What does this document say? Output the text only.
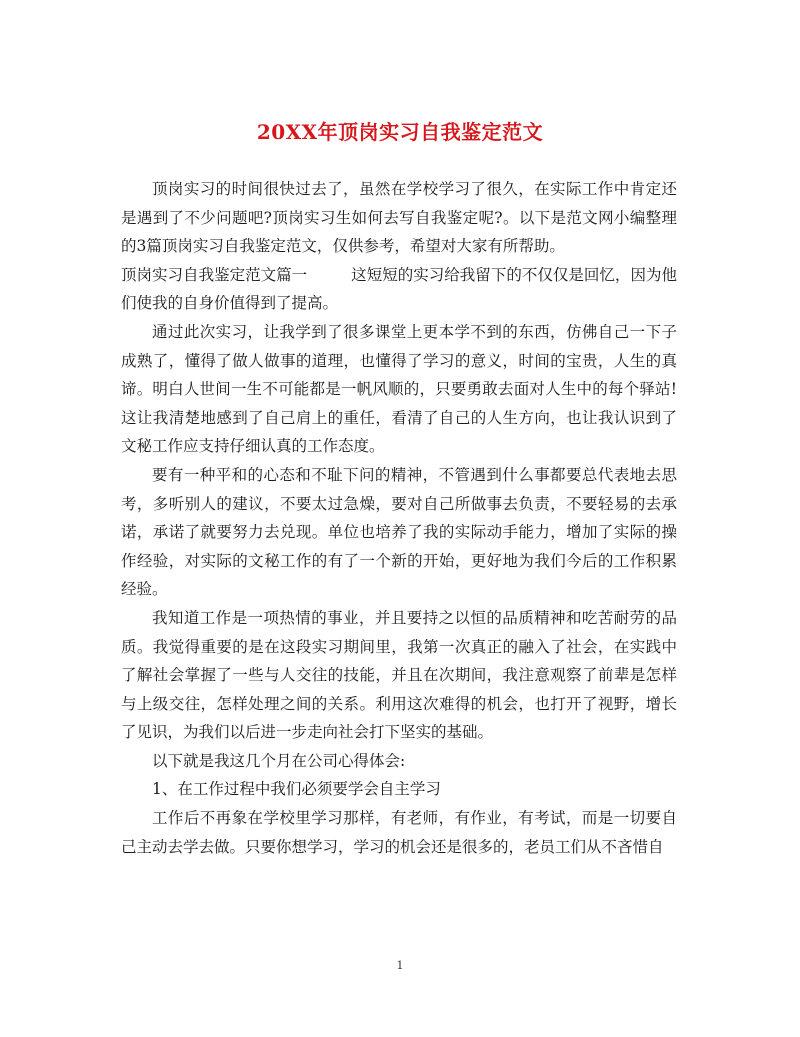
20XX年顶岗实习自我鉴定范文

顶岗实习的时间很快过去了，虽然在学校学习了很久，在实际工作中肯定还是遇到了不少问题吧?顶岗实习生如何去写自我鉴定呢?。以下是范文网小编整理的3篇顶岗实习自我鉴定范文，仅供参考，希望对大家有所帮助。

顶岗实习自我鉴定范文篇一	这短短的实习给我留下的不仅仅是回忆，因为他们使我的自身价值得到了提高。

通过此次实习，让我学到了很多课堂上更本学不到的东西，仿佛自己一下子成熟了，懂得了做人做事的道理，也懂得了学习的意义，时间的宝贵，人生的真谛。明白人世间一生不可能都是一帆风顺的，只要勇敢去面对人生中的每个驿站!这让我清楚地感到了自己肩上的重任，看清了自己的人生方向，也让我认识到了文秘工作应支持仔细认真的工作态度。

要有一种平和的心态和不耻下问的精神，不管遇到什么事都要总代表地去思考，多听别人的建议，不要太过急燥，要对自己所做事去负责，不要轻易的去承诺，承诺了就要努力去兑现。单位也培养了我的实际动手能力，增加了实际的操作经验，对实际的文秘工作的有了一个新的开始，更好地为我们今后的工作积累经验。

我知道工作是一项热情的事业，并且要持之以恒的品质精神和吃苦耐劳的品质。我觉得重要的是在这段实习期间里，我第一次真正的融入了社会，在实践中了解社会掌握了一些与人交往的技能，并且在次期间，我注意观察了前辈是怎样与上级交往，怎样处理之间的关系。利用这次难得的机会，也打开了视野，增长了见识，为我们以后进一步走向社会打下坚实的基础。

以下就是我这几个月在公司心得体会:

1、在工作过程中我们必须要学会自主学习

工作后不再象在学校里学习那样，有老师，有作业，有考试，而是一切要自己主动去学去做。只要你想学习，学习的机会还是很多的，老员工们从不吝惜自

1
